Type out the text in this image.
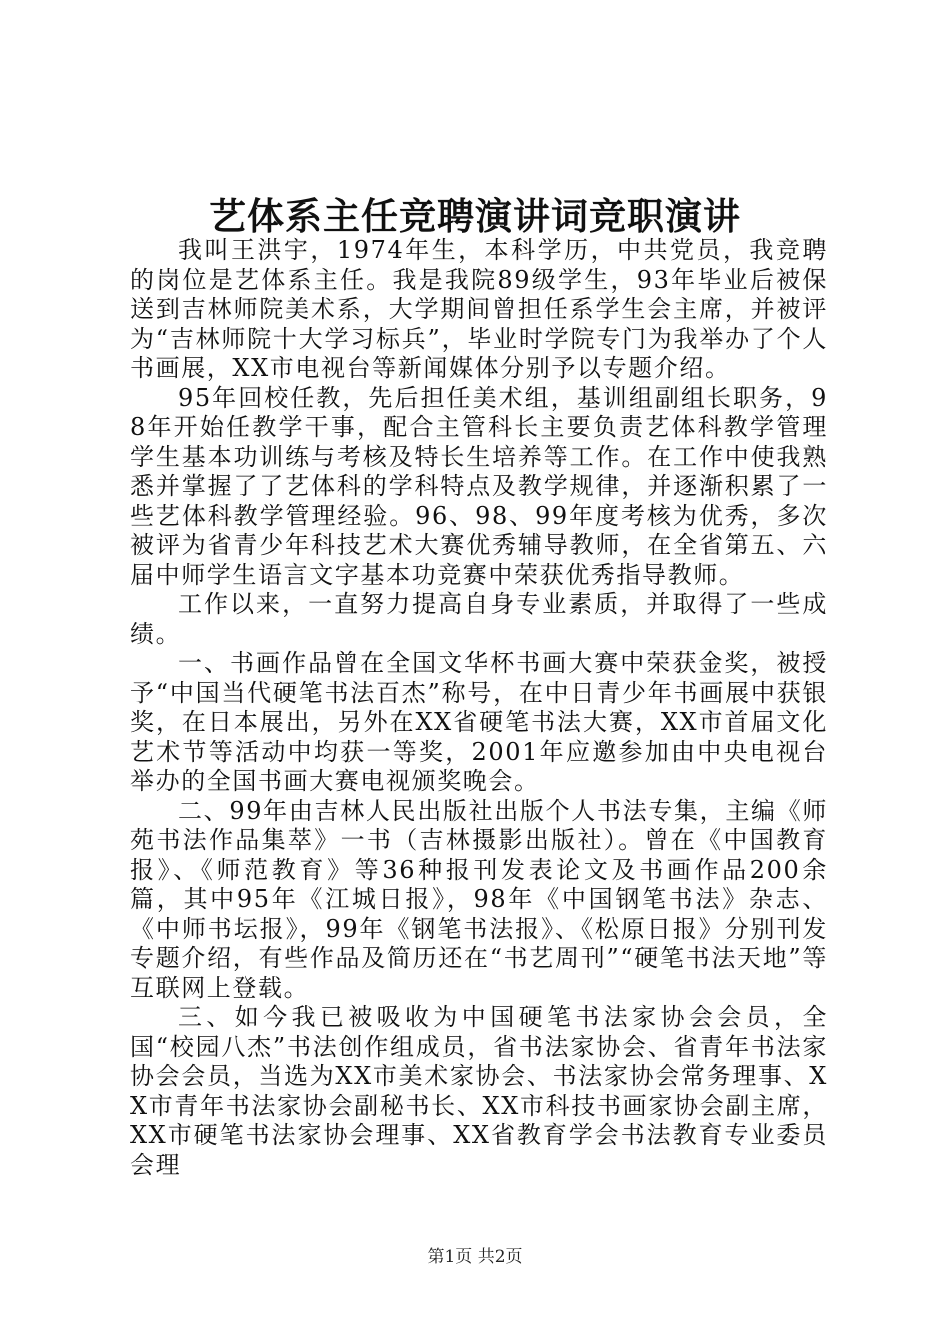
艺体系主任竞聘演讲词竞职演讲

我叫王洪宇，1974年生，本科学历，中共党员，我竞聘的岗位是艺体系主任。我是我院89级学生，93年毕业后被保送到吉林师院美术系，大学期间曾担任系学生会主席，并被评为“吉林师院十大学习标兵”，毕业时学院专门为我举办了个人书画展，XX市电视台等新闻媒体分别予以专题介绍。

95年回校任教，先后担任美术组，基训组副组长职务，98年开始任教学干事，配合主管科长主要负责艺体科教学管理学生基本功训练与考核及特长生培养等工作。在工作中使我熟悉并掌握了了艺体科的学科特点及教学规律，并逐渐积累了一些艺体科教学管理经验。96、98、99年度考核为优秀，多次被评为省青少年科技艺术大赛优秀辅导教师，在全省第五、六届中师学生语言文字基本功竞赛中荣获优秀指导教师。

工作以来，一直努力提高自身专业素质，并取得了一些成绩。

一、书画作品曾在全国文华杯书画大赛中荣获金奖，被授予“中国当代硬笔书法百杰”称号，在中日青少年书画展中获银奖，在日本展出，另外在XX省硬笔书法大赛，XX市首届文化艺术节等活动中均获一等奖，2001年应邀参加由中央电视台举办的全国书画大赛电视颁奖晚会。

二、99年由吉林人民出版社出版个人书法专集，主编《师苑书法作品集萃》一书（吉林摄影出版社）。曾在《中国教育报》、《师范教育》等36种报刊发表论文及书画作品200余篇，其中95年《江城日报》，98年《中国钢笔书法》杂志、《中师书坛报》，99年《钢笔书法报》、《松原日报》分别刊发专题介绍，有些作品及简历还在“书艺周刊”“硬笔书法天地”等互联网上登载。

三、如今我已被吸收为中国硬笔书法家协会会员，全国“校园八杰”书法创作组成员，省书法家协会、省青年书法家协会会员，当选为XX市美术家协会、书法家协会常务理事、XX市青年书法家协会副秘书长、XX市科技书画家协会副主席，XX市硬笔书法家协会理事、XX省教育学会书法教育专业委员会理

第1页 共2页
